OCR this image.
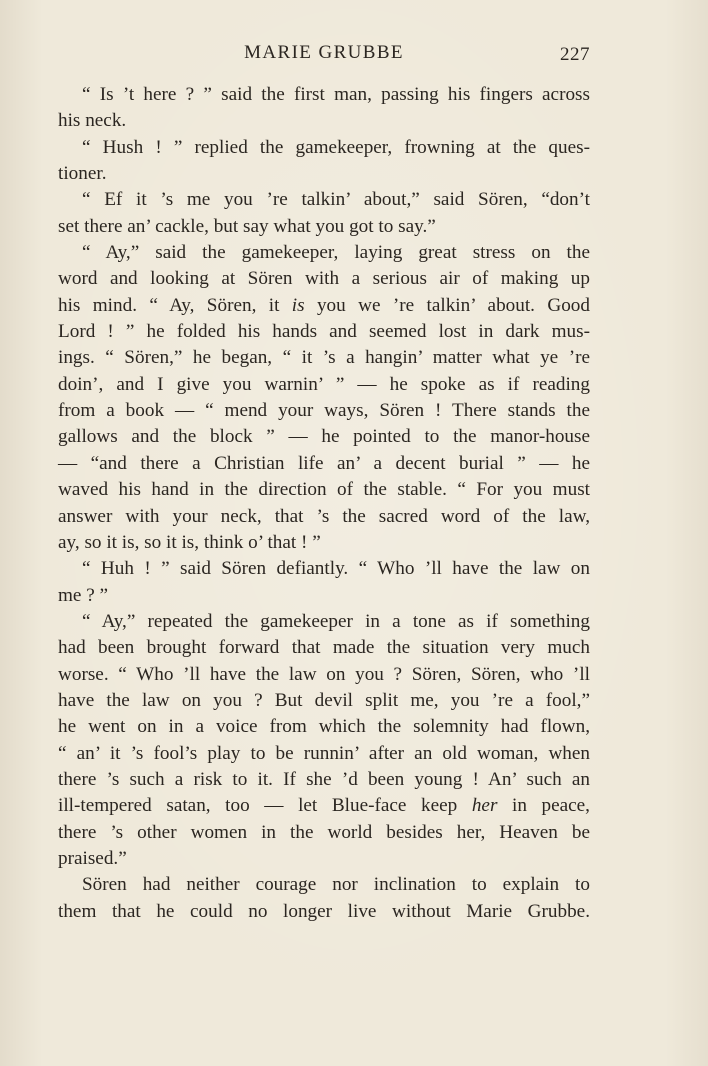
MARIE GRUBBE	227
“ Is ’t here ? ” said the first man, passing his fingers across
his neck.
“ Hush ! ” replied the gamekeeper, frowning at the ques-
tioner.
“ Ef it ’s me you ’re talkin’ about,” said Sören, “don’t
set there an’ cackle, but say what you got to say.”
“ Ay,” said the gamekeeper, laying great stress on the
word and looking at Sören with a serious air of making up
his mind. “ Ay, Sören, it is you we ’re talkin’ about. Good
Lord ! ” he folded his hands and seemed lost in dark mus-
ings. “ Sören,” he began, “ it ’s a hangin’ matter what ye ’re
doin’, and I give you warnin’ ” — he spoke as if reading
from a book — “ mend your ways, Sören ! There stands the
gallows and the block ” — he pointed to the manor-house
— “and there a Christian life an’ a decent burial ” — he
waved his hand in the direction of the stable. “ For you must
answer with your neck, that ’s the sacred word of the law,
ay, so it is, so it is, think o’ that ! ”
“ Huh ! ” said Sören defiantly. “ Who ’ll have the law on
me ? ”
“ Ay,” repeated the gamekeeper in a tone as if something
had been brought forward that made the situation very much
worse. “ Who ’ll have the law on you ? Sören, Sören, who ’ll
have the law on you ? But devil split me, you ’re a fool,”
he went on in a voice from which the solemnity had flown,
“ an’ it ’s fool’s play to be runnin’ after an old woman, when
there ’s such a risk to it. If she ’d been young ! An’ such an
ill-tempered satan, too — let Blue-face keep her in peace,
there ’s other women in the world besides her, Heaven be
praised.”
Sören had neither courage nor inclination to explain to
them that he could no longer live without Marie Grubbe.
